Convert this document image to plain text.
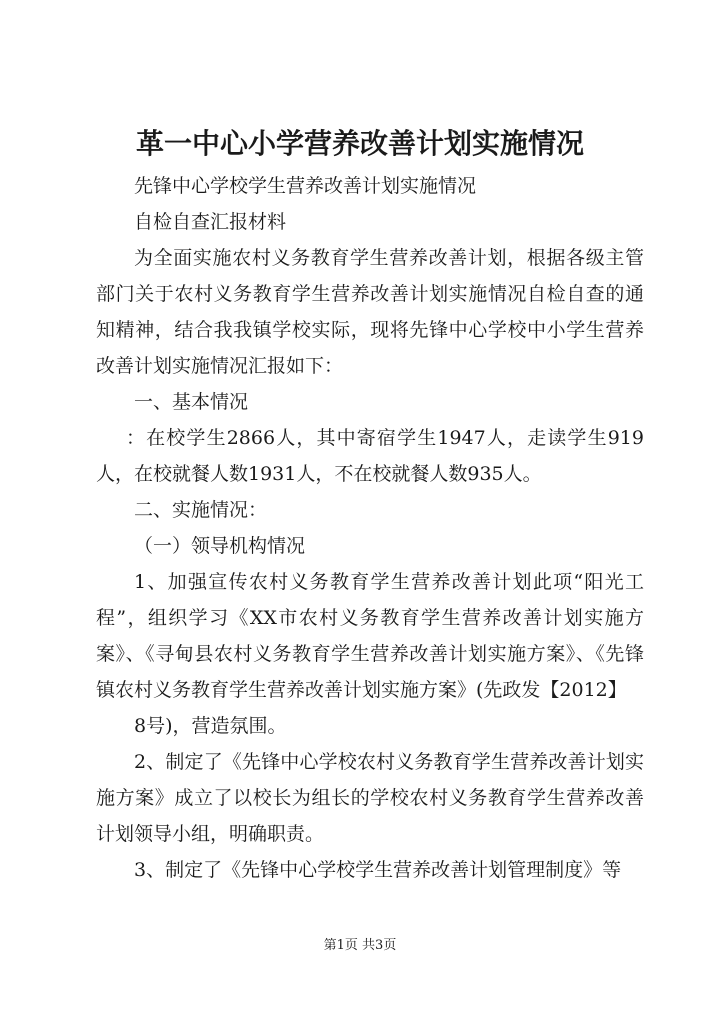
革一中心小学营养改善计划实施情况

先锋中心学校学生营养改善计划实施情况

自检自查汇报材料

为全面实施农村义务教育学生营养改善计划，根据各级主管部门关于农村义务教育学生营养改善计划实施情况自检自查的通知精神，结合我我镇学校实际，现将先锋中心学校中小学生营养改善计划实施情况汇报如下：

一、基本情况

：在校学生2866人，其中寄宿学生1947人，走读学生919人，在校就餐人数1931人，不在校就餐人数935人。

二、实施情况：

（一）领导机构情况

1、加强宣传农村义务教育学生营养改善计划此项“阳光工程”，组织学习《XX市农村义务教育学生营养改善计划实施方案》、《寻甸县农村义务教育学生营养改善计划实施方案》、《先锋镇农村义务教育学生营养改善计划实施方案》(先政发【2012】

8号)，营造氛围。

2、制定了《先锋中心学校农村义务教育学生营养改善计划实施方案》成立了以校长为组长的学校农村义务教育学生营养改善计划领导小组，明确职责。

3、制定了《先锋中心学校学生营养改善计划管理制度》等

第1页 共3页
